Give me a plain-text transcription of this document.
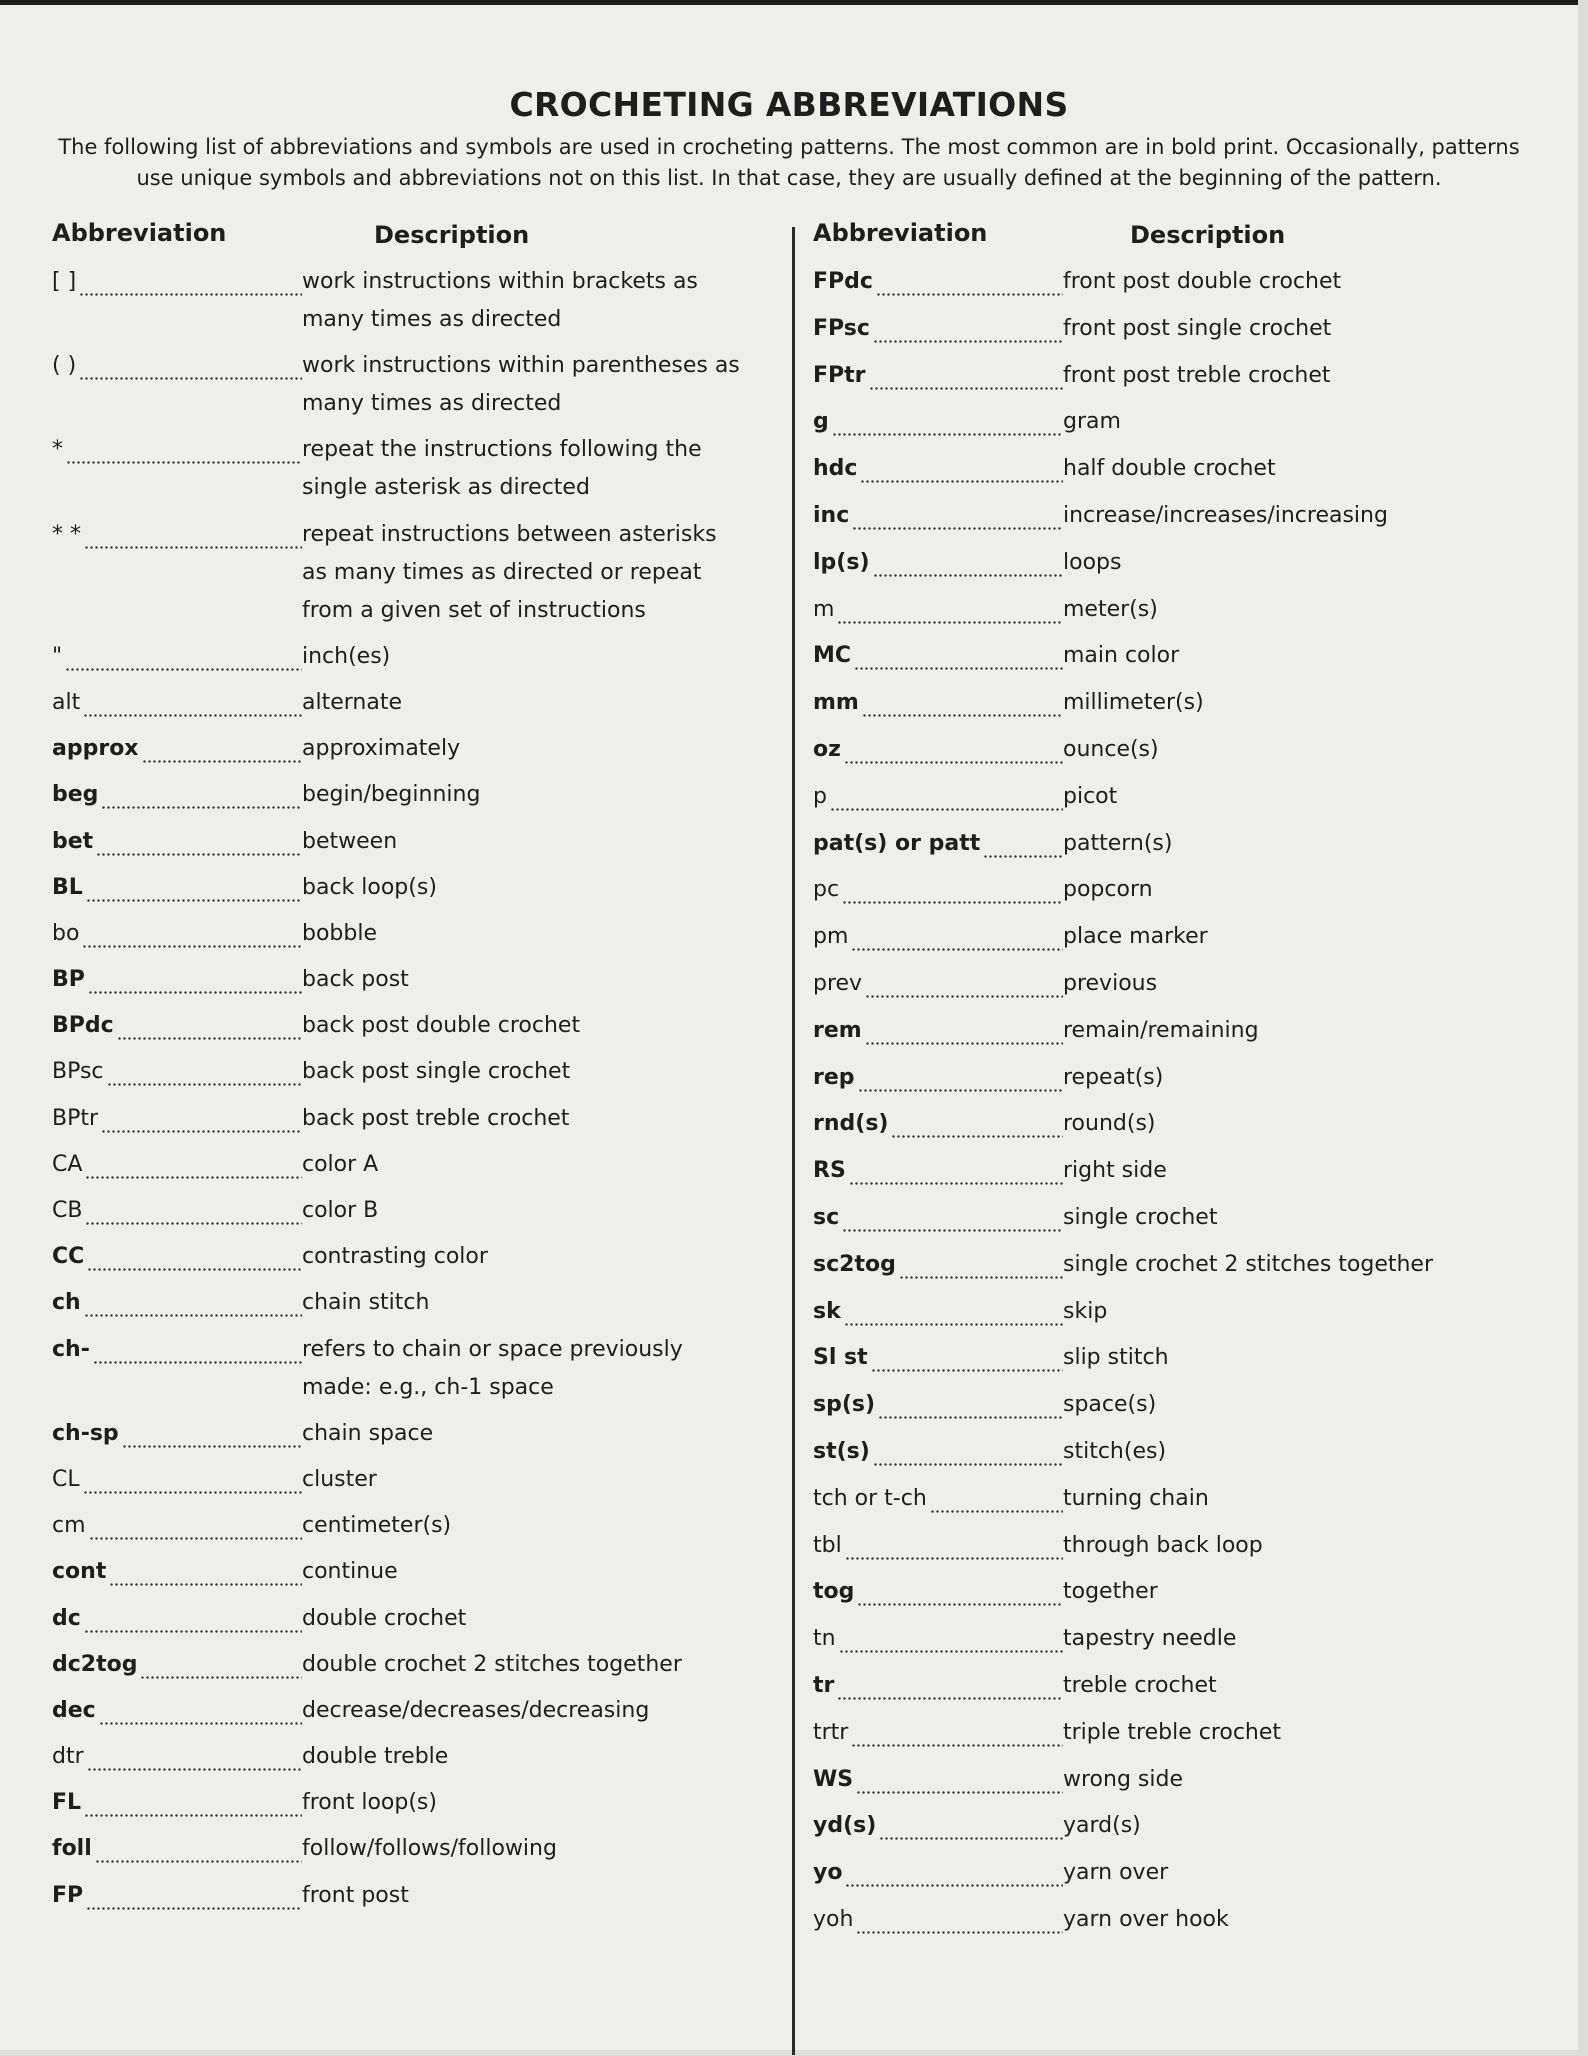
CROCHETING ABBREVIATIONS
The following list of abbreviations and symbols are used in crocheting patterns. The most common are in bold print. Occasionally, patterns use unique symbols and abbreviations not on this list. In that case, they are usually defined at the beginning of the pattern.
Abbreviation	Description
[ ]	work instructions within brackets as many times as directed
( )	work instructions within parentheses as many times as directed
*	repeat the instructions following the single asterisk as directed
* *	repeat instructions between asterisks as many times as directed or repeat from a given set of instructions
"	inch(es)
alt	alternate
approx	approximately
beg	begin/beginning
bet	between
BL	back loop(s)
bo	bobble
BP	back post
BPdc	back post double crochet
BPsc	back post single crochet
BPtr	back post treble crochet
CA	color A
CB	color B
CC	contrasting color
ch	chain stitch
ch-	refers to chain or space previously made: e.g., ch-1 space
ch-sp	chain space
CL	cluster
cm	centimeter(s)
cont	continue
dc	double crochet
dc2tog	double crochet 2 stitches together
dec	decrease/decreases/decreasing
dtr	double treble
FL	front loop(s)
foll	follow/follows/following
FP	front post
Abbreviation	Description
FPdc	front post double crochet
FPsc	front post single crochet
FPtr	front post treble crochet
g	gram
hdc	half double crochet
inc	increase/increases/increasing
lp(s)	loops
m	meter(s)
MC	main color
mm	millimeter(s)
oz	ounce(s)
p	picot
pat(s) or patt	pattern(s)
pc	popcorn
pm	place marker
prev	previous
rem	remain/remaining
rep	repeat(s)
rnd(s)	round(s)
RS	right side
sc	single crochet
sc2tog	single crochet 2 stitches together
sk	skip
Sl st	slip stitch
sp(s)	space(s)
st(s)	stitch(es)
tch or t-ch	turning chain
tbl	through back loop
tog	together
tn	tapestry needle
tr	treble crochet
trtr	triple treble crochet
WS	wrong side
yd(s)	yard(s)
yo	yarn over
yoh	yarn over hook
